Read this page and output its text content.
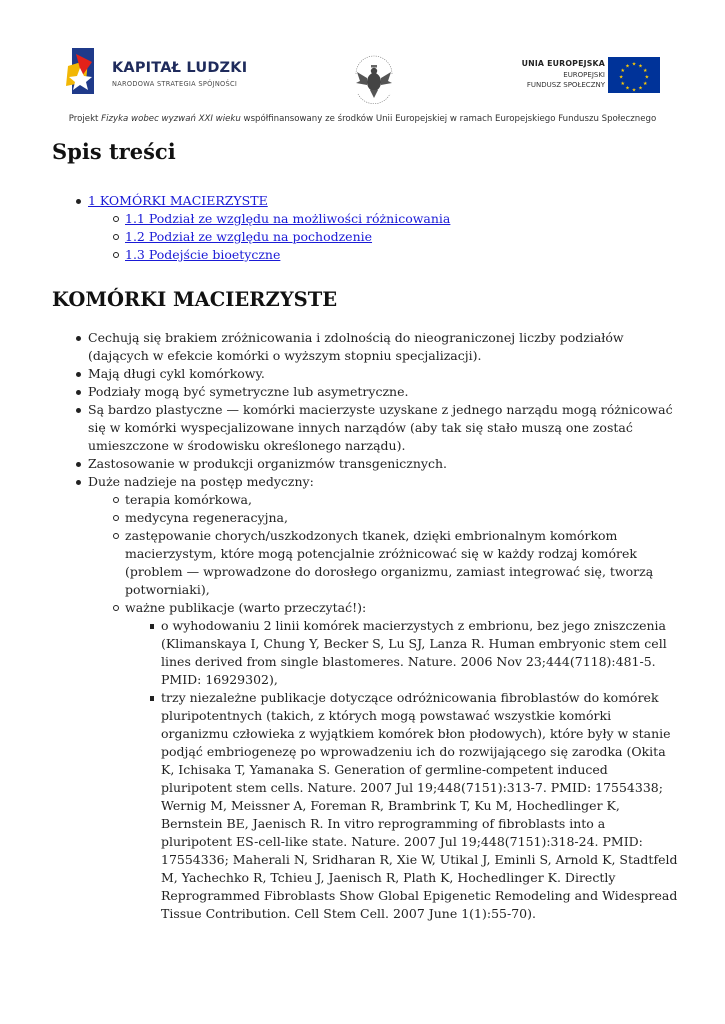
KAPITAŁ LUDZKI
NARODOWA STRATEGIA SPÓJNOŚCI
UNIA EUROPEJSKA
EUROPEJSKI
FUNDUSZ SPOŁECZNY
★ ★
★
★
★
★
★
★
★
★
★
★
Projekt Fizyka wobec wyzwań XXI wieku współfinansowany ze środków Unii Europejskiej w ramach Europejskiego Funduszu Społecznego
Spis treści
1 KOMÓRKI MACIERZYSTE
1.1 Podział ze względu na możliwości różnicowania
1.2 Podział ze względu na pochodzenie
1.3 Podejście bioetyczne
KOMÓRKI MACIERZYSTE
Cechują się brakiem zróżnicowania i zdolnością do nieograniczonej liczby podziałów (dających w efekcie komórki o wyższym stopniu specjalizacji).
Mają długi cykl komórkowy.
Podziały mogą być symetryczne lub asymetryczne.
Są bardzo plastyczne — komórki macierzyste uzyskane z jednego narządu mogą różnicować się w komórki wyspecjalizowane innych narządów (aby tak się stało muszą one zostać umieszczone w środowisku określonego narządu).
Zastosowanie w produkcji organizmów transgenicznych.
Duże nadzieje na postęp medyczny:
terapia komórkowa,
medycyna regeneracyjna,
zastępowanie chorych/uszkodzonych tkanek, dzięki embrionalnym komórkom macierzystym, które mogą potencjalnie zróżnicować się w każdy rodzaj komórek (problem — wprowadzone do dorosłego organizmu, zamiast integrować się, tworzą potworniaki),
ważne publikacje (warto przeczytać!):
o wyhodowaniu 2 linii komórek macierzystych z embrionu, bez jego zniszczenia (Klimanskaya I, Chung Y, Becker S, Lu SJ, Lanza R. Human embryonic stem cell lines derived from single blastomeres. Nature. 2006 Nov 23;444(7118):481-5. PMID: 16929302),
trzy niezależne publikacje dotyczące odróżnicowania fibroblastów do komórek pluripotentnych (takich, z których mogą powstawać wszystkie komórki organizmu człowieka z wyjątkiem komórek błon płodowych), które były w stanie podjąć embriogenezę po wprowadzeniu ich do rozwijającego się zarodka (Okita K, Ichisaka T, Yamanaka S. Generation of germline-competent induced pluripotent stem cells. Nature. 2007 Jul 19;448(7151):313-7. PMID: 17554338; Wernig M, Meissner A, Foreman R, Brambrink T, Ku M, Hochedlinger K, Bernstein BE, Jaenisch R. In vitro reprogramming of fibroblasts into a pluripotent ES-cell-like state. Nature. 2007 Jul 19;448(7151):318-24. PMID: 17554336; Maherali N, Sridharan R, Xie W, Utikal J, Eminli S, Arnold K, Stadtfeld M, Yachechko R, Tchieu J, Jaenisch R, Plath K, Hochedlinger K. Directly Reprogrammed Fibroblasts Show Global Epigenetic Remodeling and Widespread Tissue Contribution. Cell Stem Cell. 2007 June 1(1):55-70).
